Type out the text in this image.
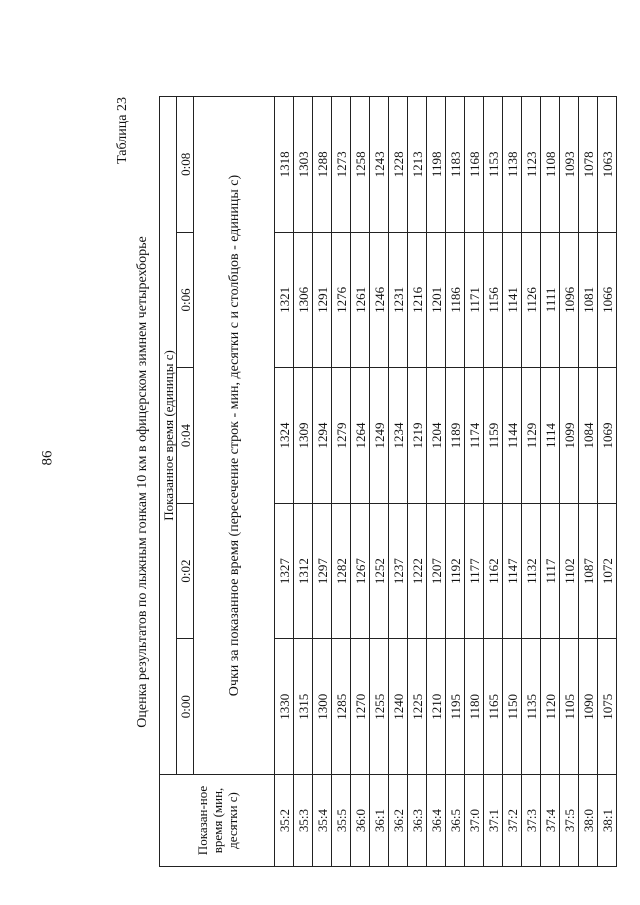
86
Таблица 23
Оценка результатов по лыжным гонкам 10 км в офицерском зимнем четырехборье
Показан-ное время (мин, десятки с)	Показанное время (единицы с)				
	0:00	0:02	0:04	0:06	0:08
	Очки за показанное время (пересечение строк - мин, десятки с и столбцов - единицы с)				
35:2	1330	1327	1324	1321	1318
35:3	1315	1312	1309	1306	1303
35:4	1300	1297	1294	1291	1288
35:5	1285	1282	1279	1276	1273
36:0	1270	1267	1264	1261	1258
36:1	1255	1252	1249	1246	1243
36:2	1240	1237	1234	1231	1228
36:3	1225	1222	1219	1216	1213
36:4	1210	1207	1204	1201	1198
36:5	1195	1192	1189	1186	1183
37:0	1180	1177	1174	1171	1168
37:1	1165	1162	1159	1156	1153
37:2	1150	1147	1144	1141	1138
37:3	1135	1132	1129	1126	1123
37:4	1120	1117	1114	1111	1108
37:5	1105	1102	1099	1096	1093
38:0	1090	1087	1084	1081	1078
38:1	1075	1072	1069	1066	1063
